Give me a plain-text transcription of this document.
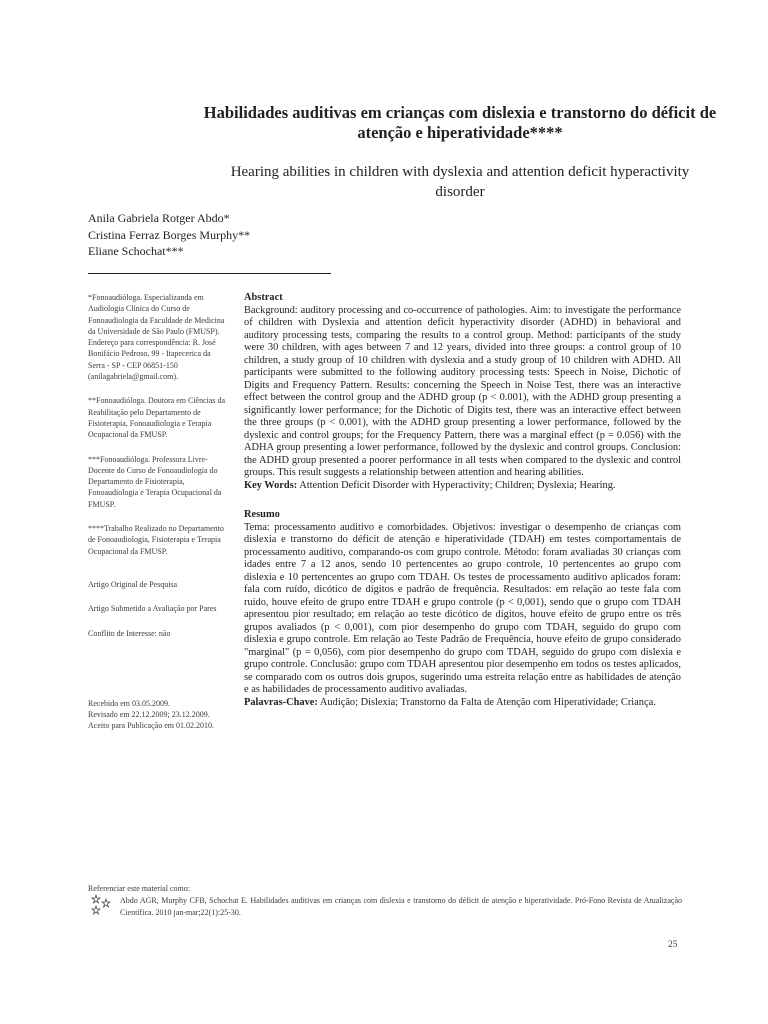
Habilidades auditivas em crianças com dislexia e transtorno do déficit de atenção e hiperatividade****
Hearing abilities in children with dyslexia and attention deficit hyperactivity disorder
Anila Gabriela Rotger Abdo*
Cristina Ferraz Borges Murphy**
Eliane Schochat***

*Fonoaudióloga. Especializanda em Audiologia Clínica do Curso de Fonoaudiologia da Faculdade de Medicina da Universidade de São Paulo (FMUSP). Endereço para correspondência: R. José Bonifácio Pedroso, 99 - Itapecerica da Serra - SP - CEP 06851-150 (anilagabriela@gmail.com).

**Fonoaudióloga. Doutora em Ciências da Reabilitação pelo Departamento de Fisioterapia, Fonoaudiologia e Terapia Ocupacional da FMUSP.

***Fonoaudióloga. Professora Livre-Docente do Curso de Fonoaudiologia do Departamento de Fisioterapia, Fonoaudiologia e Terapia Ocupacional da FMUSP.

****Trabalho Realizado no Departamento de Fonoaudiologia, Fisioterapia e Terapia Ocupacional da FMUSP.

Artigo Original de Pesquisa

Artigo Submetido a Avaliação por Pares

Conflito de Interesse: não

Recebido em 03.05.2009.
Revisado em 22.12.2009; 23.12.2009.
Aceito para Publicação em 01.02.2010.
Abstract

Background: auditory processing and co-occurrence of pathologies. Aim: to investigate the performance of children with Dyslexia and attention deficit hyperactivity disorder (ADHD) in behavioral and auditory processing tests, comparing the results to a control group. Method: participants of the study were 30 children, with ages between 7 and 12 years, divided into three groups: a control group of 10 children, a study group of 10 children with dyslexia and a study group of 10 children with ADHD. All participants were submitted to the following auditory processing tests: Speech in Noise, Dichotic of Digits and Frequency Pattern. Results: concerning the Speech in Noise Test, there was an interactive effect between the control group and the ADHD group (p < 0.001), with the ADHD group presenting a significantly lower performance; for the Dichotic of Digits test, there was an interactive effect between the three groups (p < 0.001), with the ADHD group presenting a lower performance, followed by the dyslexic and control groups; for the Frequency Pattern, there was a marginal effect (p = 0.056) with the ADHA group presenting a lower performance, followed by the dyslexic and control groups. Conclusion: the ADHD group presented a poorer performance in all tests when compared to the dyslexic and control groups. This result suggests a relationship between attention and hearing abilities.

Key Words: Attention Deficit Disorder with Hyperactivity; Children; Dyslexia; Hearing.

Resumo

Tema: processamento auditivo e comorbidades. Objetivos: investigar o desempenho de crianças com dislexia e transtorno do déficit de atenção e hiperatividade (TDAH) em testes comportamentais de processamento auditivo, comparando-os com grupo controle. Método: foram avaliadas 30 crianças com idades entre 7 a 12 anos, sendo 10 pertencentes ao grupo controle, 10 pertencentes ao grupo com dislexia e 10 pertencentes ao grupo com TDAH. Os testes de processamento auditivo aplicados foram: fala com ruído, dicótico de dígitos e padrão de frequência. Resultados: em relação ao teste fala com ruído, houve efeito de grupo entre TDAH e grupo controle (p < 0,001), sendo que o grupo com TDAH apresentou pior resultado; em relação ao teste dicótico de dígitos, houve efeito de grupo entre os três grupos avaliados (p < 0,001), com pior desempenho do grupo com TDAH, seguido do grupo com dislexia e grupo controle. Em relação ao Teste Padrão de Frequência, houve efeito de grupo considerado "marginal" (p = 0,056), com pior desempenho do grupo com TDAH, seguido do grupo com dislexia e grupo controle. Conclusão: grupo com TDAH apresentou pior desempenho em todos os testes aplicados, se comparado com os outros dois grupos, sugerindo uma estreita relação entre as habilidades de atenção e as habilidades de processamento auditivo avaliadas.

Palavras-Chave: Audição; Dislexia; Transtorno da Falta de Atenção com Hiperatividade; Criança.

Referenciar este material como:
Abdo AGR, Murphy CFB, Schochat E. Habilidades auditivas em crianças com dislexia e transtorno do déficit de atenção e hiperatividade. Pró-Fono Revista de Atualização Científica. 2010 jan-mar;22(1):25-30.
25
